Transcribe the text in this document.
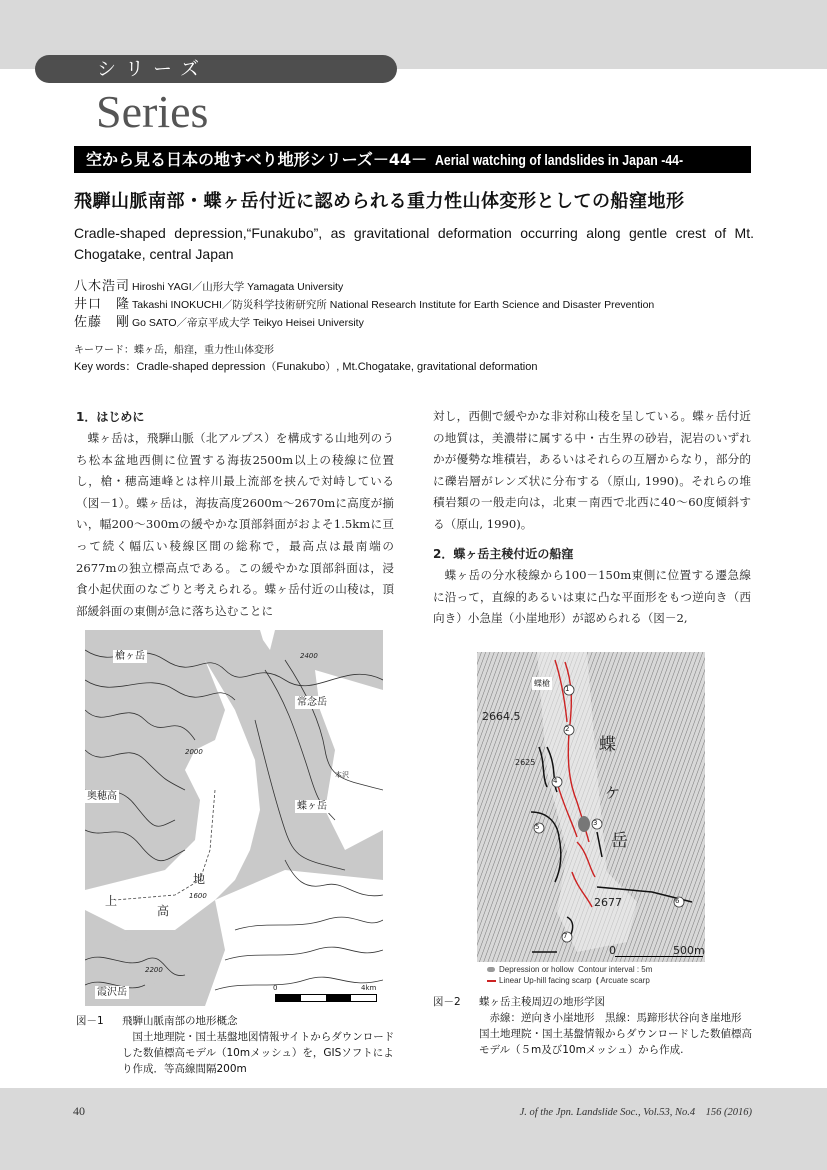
シリーズ
Series
空から見る日本の地すべり地形シリーズ－44－ Aerial watching of landslides in Japan -44-
飛騨山脈南部・蝶ヶ岳付近に認められる重力性山体変形としての船窪地形
Cradle-shaped depression,“Funakubo”, as gravitational deformation occurring along gentle crest of Mt. Chogatake, central Japan
八木浩司 Hiroshi YAGI／山形大学 Yamagata University
井口　隆 Takashi INOKUCHI／防災科学技術研究所 National Research Institute for Earth Science and Disaster Prevention
佐藤　剛 Go SATO／帝京平成大学 Teikyo Heisei University
キーワード：蝶ヶ岳，船窪，重力性山体変形
Key words：Cradle-shaped depression（Funakubo）, Mt.Chogatake, gravitational deformation
1．はじめに

蝶ヶ岳は，飛騨山脈（北アルプス）を構成する山地列のうち松本盆地西側に位置する海抜2500m以上の稜線に位置し，槍・穂高連峰とは梓川最上流部を挟んで対峙している（図－1）。蝶ヶ岳は，海抜高度2600m～2670mに高度が揃い，幅200～300mの緩やかな頂部斜面がおよそ1.5kmに亘って続く幅広い稜線区間の総称で，最高点は最南端の2677mの独立標高点である。この緩やかな頂部斜面は，浸食小起伏面のなごりと考えられる。蝶ヶ岳付近の山稜は，頂部緩斜面の東側が急に落ち込むことに

対し，西側で緩やかな非対称山稜を呈している。蝶ヶ岳付近の地質は，美濃帯に属する中・古生界の砂岩，泥岩のいずれかが優勢な堆積岩，あるいはそれらの互層からなり，部分的に礫岩層がレンズ状に分布する（原山, 1990)。それらの堆積岩類の一般走向は，北東－南西で北西に40～60度傾斜する（原山, 1990)。

2．蝶ヶ岳主稜付近の船窪

蝶ヶ岳の分水稜線から100－150m東側に位置する遷急線に沿って，直線的あるいは東に凸な平面形をもつ逆向き（西向き）小急崖（小崖地形）が認められる（図－2,

槍ヶ岳
常念岳
奥穂高
蝶ヶ岳
霞沢岳
上
高
地
本沢
2400
2000
1600
2200
0	4km
1
2
3
4
5
6
7
蝶槍
2664.5
2625
2677
蝶
ケ
岳
0	500m
Depression or hollow Contour interval : 5m
Linear Up-hill facing scarp ( Arcuate scarp
図－1 飛騨山脈南部の地形概念
国土地理院・国土基盤地図情報サイトからダウンロードした数値標高モデル（10mメッシュ）を，GISソフトにより作成．等高線間隔200m
図－2 蝶ヶ岳主稜周辺の地形学図
赤線：逆向き小崖地形　黒線：馬蹄形状谷向き崖地形
国土地理院・国土基盤情報からダウンロードした数値標高モデル（５m及び10mメッシュ）から作成.
40	J. of the Jpn. Landslide Soc., Vol.53, No.4　156 (2016)
